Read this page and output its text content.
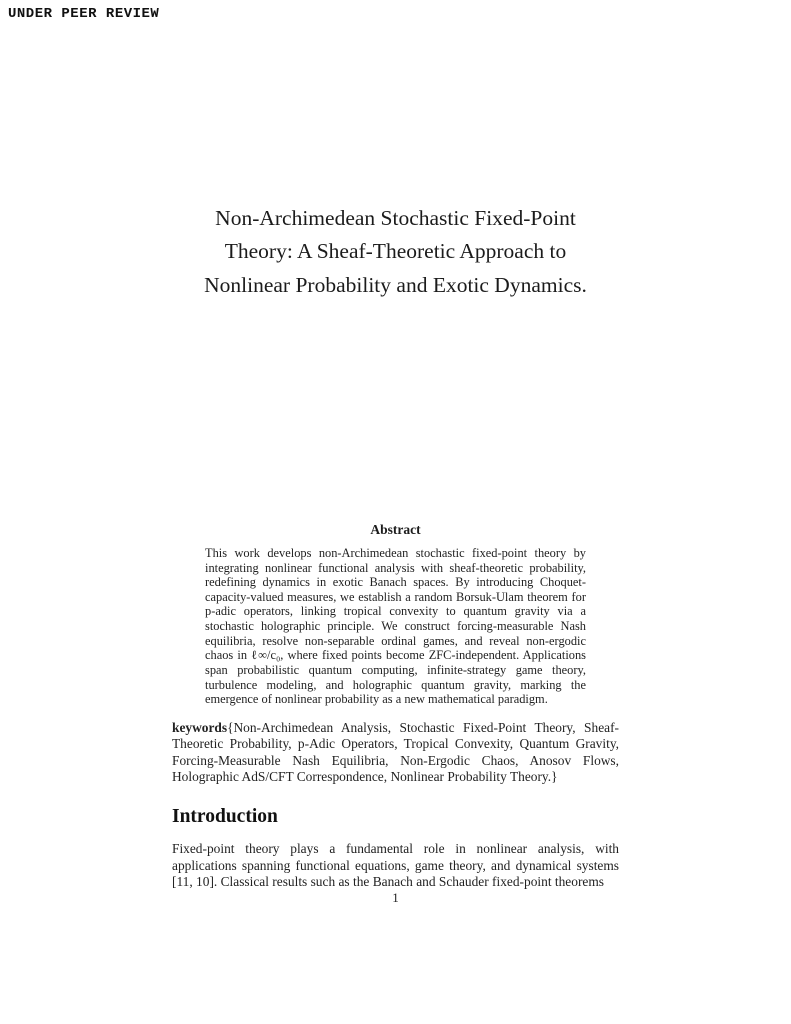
UNDER PEER REVIEW
Non-Archimedean Stochastic Fixed-Point
Theory: A Sheaf-Theoretic Approach to
Nonlinear Probability and Exotic Dynamics.
Abstract
This work develops non-Archimedean stochastic fixed-point theory by integrating nonlinear functional analysis with sheaf-theoretic probability, redefining dynamics in exotic Banach spaces. By introducing Choquet-capacity-valued measures, we establish a random Borsuk-Ulam theorem for p-adic operators, linking tropical convexity to quantum gravity via a stochastic holographic principle. We construct forcing-measurable Nash equilibria, resolve non-separable ordinal games, and reveal non-ergodic chaos in ℓ∞/c₀, where fixed points become ZFC-independent. Applications span probabilistic quantum computing, infinite-strategy game theory, turbulence modeling, and holographic quantum gravity, marking the emergence of nonlinear probability as a new mathematical paradigm.
keywords{Non-Archimedean Analysis, Stochastic Fixed-Point Theory, Sheaf-Theoretic Probability, p-Adic Operators, Tropical Convexity, Quantum Gravity, Forcing-Measurable Nash Equilibria, Non-Ergodic Chaos, Anosov Flows, Holographic AdS/CFT Correspondence, Nonlinear Probability Theory.}
Introduction
Fixed-point theory plays a fundamental role in nonlinear analysis, with applications spanning functional equations, game theory, and dynamical systems [11, 10]. Classical results such as the Banach and Schauder fixed-point theorems
1
